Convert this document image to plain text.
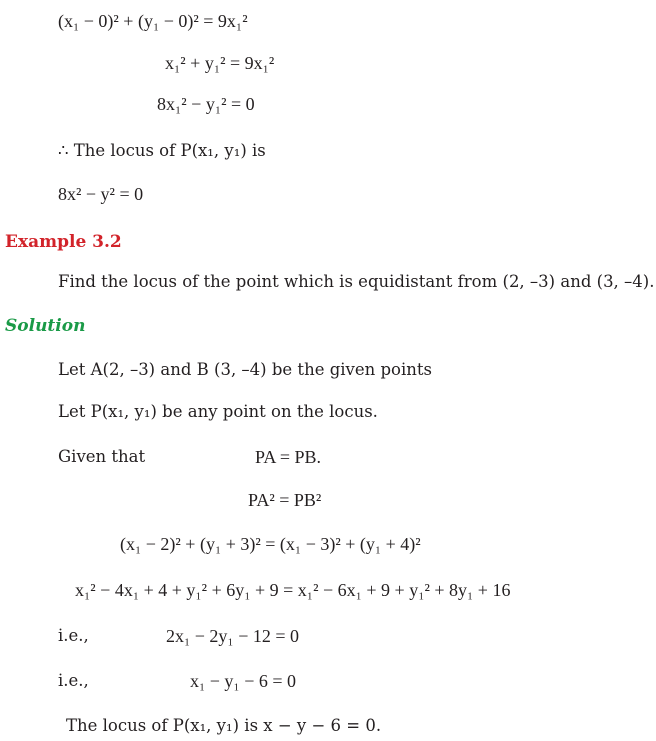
(x₁ − 0)² + (y₁ − 0)² = 9x₁²
x₁² + y₁² = 9x₁²
8x₁² − y₁² = 0
∴ The locus of P(x₁, y₁) is
8x² − y² = 0
Example 3.2
Find the locus of the point which is equidistant from (2, –3) and (3, –4).
Solution
Let A(2, –3) and B (3, –4) be the given points
Let P(x₁, y₁) be any point on the locus.
Given that	PA = PB.
PA² = PB²
(x₁ − 2)² + (y₁ + 3)² = (x₁ − 3)² + (y₁ + 4)²
x₁² − 4x₁ + 4 + y₁² + 6y₁ + 9 = x₁² − 6x₁ + 9 + y₁² + 8y₁ + 16
i.e.,	2x₁ − 2y₁ − 12 = 0
i.e.,	x₁ − y₁ − 6 = 0
The locus of P(x₁, y₁) is x − y − 6 = 0.
